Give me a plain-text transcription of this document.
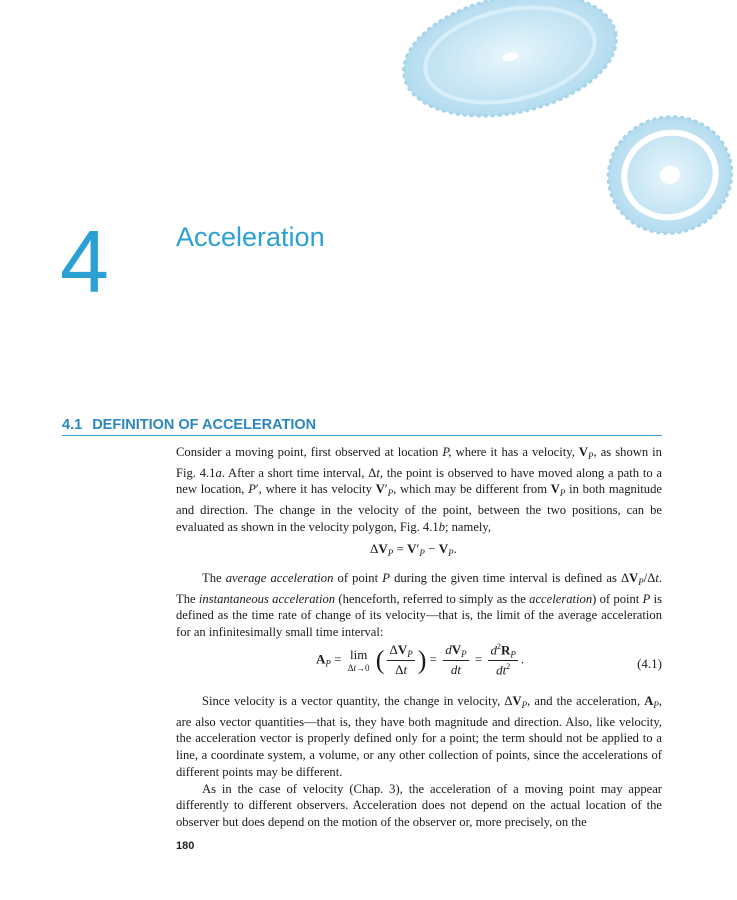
4 Acceleration
4.1 DEFINITION OF ACCELERATION

Consider a moving point, first observed at location P, where it has a velocity, $V_P$, as shown in Fig. 4.1a. After a short time interval, Δt, the point is observed to have moved along a path to a new location, P′, where it has velocity $V'_P$, which may be different from $V_P$ in both magnitude and direction. The change in the velocity of the point, between the two positions, can be evaluated as shown in the velocity polygon, Fig. 4.1b; namely,

$\Delta V_P = V'_P - V_P$.

The average acceleration of point P during the given time interval is defined as $\Delta V_P/\Delta t$. The instantaneous acceleration (henceforth, referred to simply as the acceleration) of point P is defined as the time rate of change of its velocity—that is, the limit of the average acceleration for an infinitesimally small time interval:

$A_P = \lim$
Δt→0 ( $\frac{\Delta V_P}{\Delta t}$ ) = $\frac{dV_P}{dt} = \frac{d^2R_P}{dt^2}$ .	(4.1)

Since velocity is a vector quantity, the change in velocity, $\Delta V_P$, and the acceleration, $A_P$, are also vector quantities—that is, they have both magnitude and direction. Also, like velocity, the acceleration vector is properly defined only for a point; the term should not be applied to a line, a coordinate system, a volume, or any other collection of points, since the accelerations of different points may be different.

As in the case of velocity (Chap. 3), the acceleration of a moving point may appear differently to different observers. Acceleration does not depend on the actual location of the observer but does depend on the motion of the observer or, more precisely, on the

180
